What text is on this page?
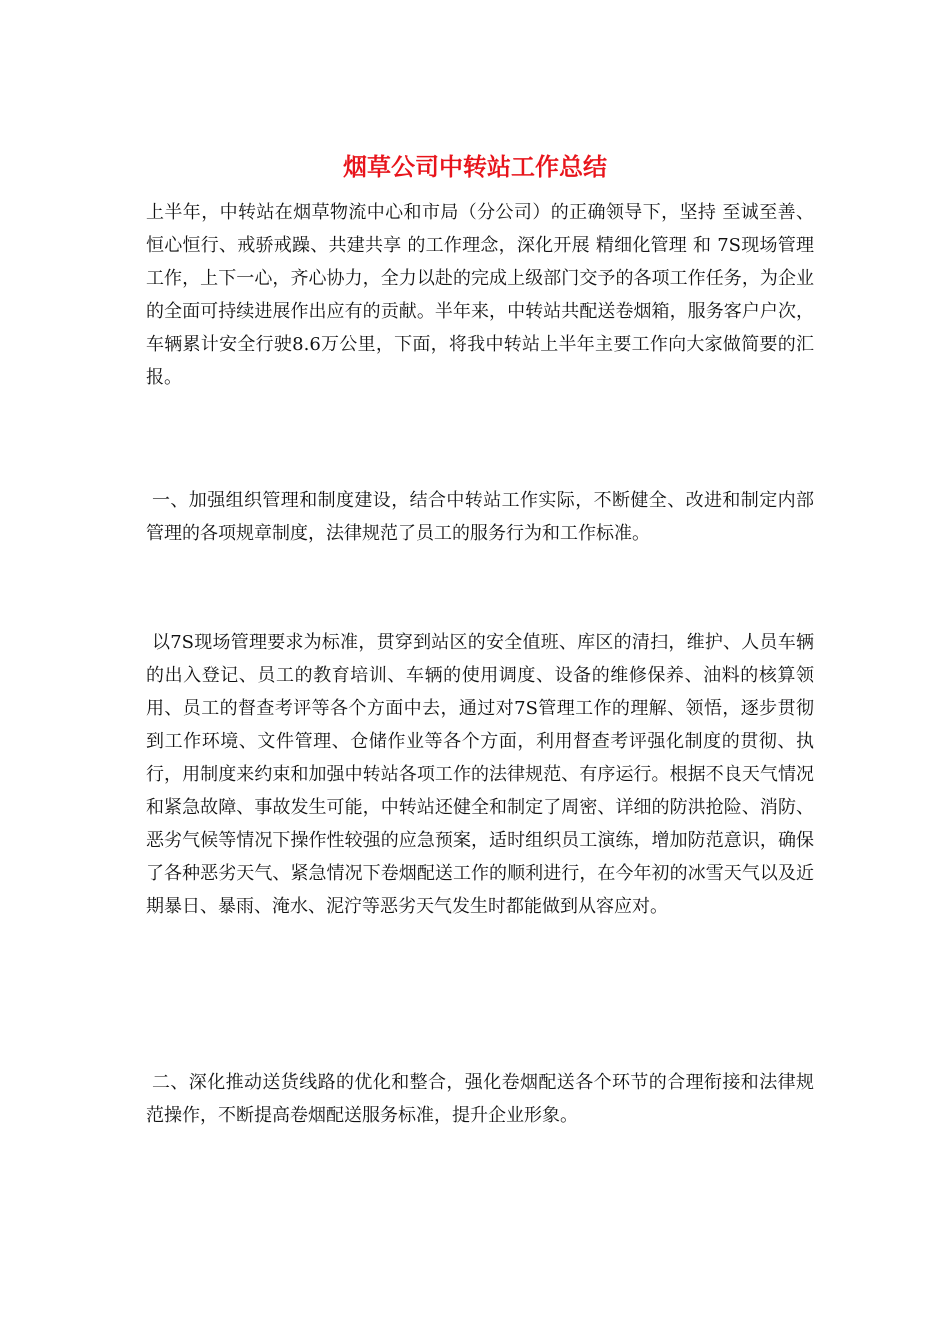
烟草公司中转站工作总结

上半年，中转站在烟草物流中心和市局（分公司）的正确领导下，坚持 至诚至善、恒心恒行、戒骄戒躁、共建共享 的工作理念，深化开展 精细化管理 和 7S现场管理 工作，上下一心，齐心协力，全力以赴的完成上级部门交予的各项工作任务，为企业的全面可持续进展作出应有的贡献。半年来，中转站共配送卷烟箱，服务客户户次，车辆累计安全行驶8.6万公里，下面，将我中转站上半年主要工作向大家做简要的汇报。

一、加强组织管理和制度建设，结合中转站工作实际，不断健全、改进和制定内部管理的各项规章制度，法律规范了员工的服务行为和工作标准。

以7S现场管理要求为标准，贯穿到站区的安全值班、库区的清扫，维护、人员车辆的出入登记、员工的教育培训、车辆的使用调度、设备的维修保养、油料的核算领用、员工的督查考评等各个方面中去，通过对7S管理工作的理解、领悟，逐步贯彻到工作环境、文件管理、仓储作业等各个方面，利用督查考评强化制度的贯彻、执行，用制度来约束和加强中转站各项工作的法律规范、有序运行。根据不良天气情况和紧急故障、事故发生可能，中转站还健全和制定了周密、详细的防洪抢险、消防、恶劣气候等情况下操作性较强的应急预案，适时组织员工演练，增加防范意识，确保了各种恶劣天气、紧急情况下卷烟配送工作的顺利进行，在今年初的冰雪天气以及近期暴日、暴雨、淹水、泥泞等恶劣天气发生时都能做到从容应对。

二、深化推动送货线路的优化和整合，强化卷烟配送各个环节的合理衔接和法律规范操作，不断提高卷烟配送服务标准，提升企业形象。
